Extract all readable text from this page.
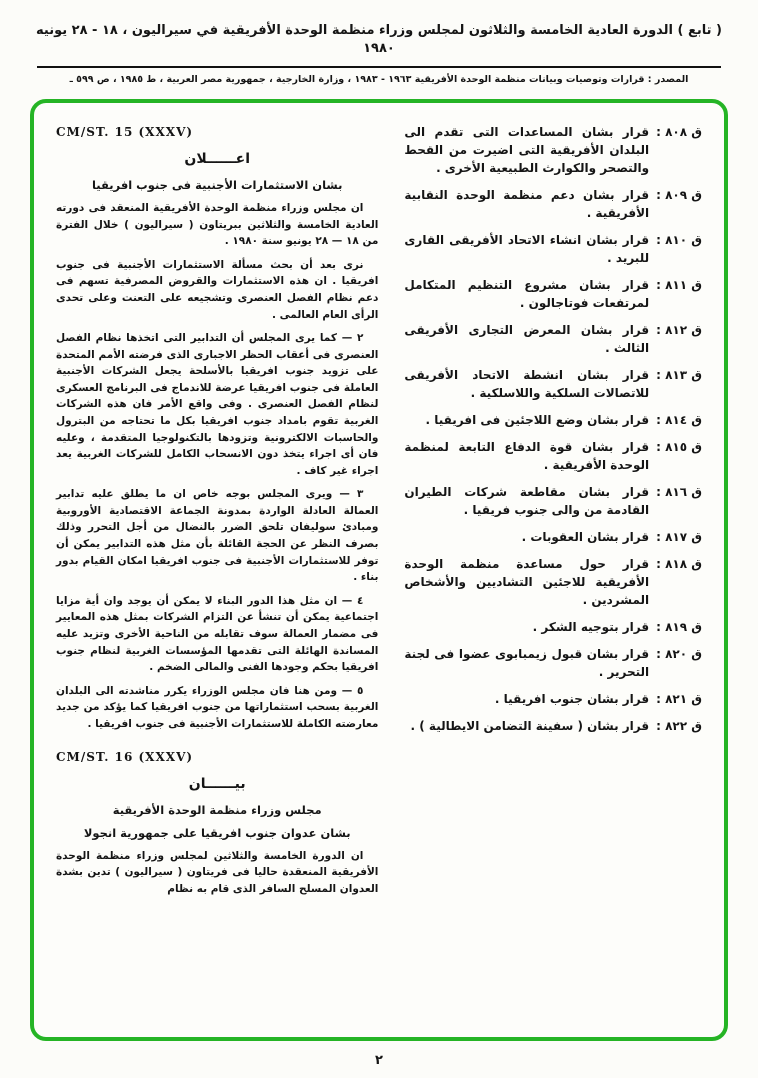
( تابع ) الدورة العادية الخامسة والثلاثون لمجلس وزراء منظمة الوحدة الأفريقية في سيراليون ، ١٨ - ٢٨ يونيه ١٩٨٠
المصدر : قرارات وتوصيات وبيانات منظمة الوحدة الأفريقية ١٩٦٣ - ١٩٨٣ ، وزارة الخارجية ، جمهورية مصر العربية ، ط ١٩٨٥ ، ص ٥٩٩ ـ
ق ٨٠٨ :
قرار بشان المساعدات التى تقدم الى البلدان الأفريقية التى اضيرت من القحط والتصحر والكوارث الطبيعية الأخرى .
ق ٨٠٩ :
قرار بشان دعم منظمة الوحدة النقابية الأفريقية .
ق ٨١٠ :
قرار بشان انشاء الاتحاد الأفريقى القارى للبريد .
ق ٨١١ :
قرار بشان مشروع التنظيم المتكامل لمرتفعات فوتاجالون .
ق ٨١٢ :
قرار بشان المعرض التجارى الأفريقى الثالث .
ق ٨١٣ :
قرار بشان انشطة الاتحاد الأفريقى للاتصالات السلكية واللاسلكية .
ق ٨١٤ :
قرار بشان وضع اللاجئين فى افريقيا .
ق ٨١٥ :
قرار بشان قوة الدفاع التابعة لمنظمة الوحدة الأفريقية .
ق ٨١٦ :
قرار بشان مقاطعة شركات الطيران القادمة من والى جنوب فريقيا .
ق ٨١٧ :
قرار بشان العقوبات .
ق ٨١٨ :
قرار حول مساعدة منظمة الوحدة الأفريقية للاجئين التشاديين والأشخاص المشردين .
ق ٨١٩ :
قرار بتوجيه الشكر .
ق ٨٢٠ :
قرار بشان قبول زيمبابوى عضوا فى لجنة التحرير .
ق ٨٢١ :
قرار بشان جنوب افريقيا .
ق ٨٢٢ :
قرار بشان ( سفينة التضامن الايطالية ) .
CM/ST. 15 (XXXV)
اعــــــلان
بشان الاستثمارات الأجنبية فى جنوب افريقيا

ان مجلس وزراء منظمة الوحدة الأفريقية المنعقد فى دورته العادية الخامسة والثلاثين ببريتاون ( سيراليون ) خلال الفترة من ١٨ — ٢٨ يونيو سنة ١٩٨٠ .

نرى بعد أن بحث مسألة الاستثمارات الأجنبية فى جنوب افريقيا . ان هذه الاستثمارات والقروض المصرفية تسهم فى دعم نظام الفصل العنصرى وتشجيعه على التعنت وعلى تحدى الرأى العام العالمى .

٢ — كما يرى المجلس أن التدابير التى اتخذها نظام الفصل العنصرى فى أعقاب الحظر الاجبارى الذى فرضته الأمم المتحدة على تزويد جنوب افريقيا بالأسلحة يجعل الشركات الأجنبية العاملة فى جنوب افريقيا عرضة للاندماج فى البرنامج العسكرى لنظام الفصل العنصرى . وفى واقع الأمر فان هذه الشركات الغربية تقوم بامداد جنوب افريقيا بكل ما تحتاجه من البترول والحاسبات الالكترونية وتزودها بالتكنولوجيا المتقدمة ، وعليه فان أى اجراء يتخذ دون الانسحاب الكامل للشركات الغربية يعد اجراء غير كاف .

٣ — ويرى المجلس بوجه خاص ان ما يطلق عليه تدابير العمالة العادلة الواردة بمدونة الجماعة الاقتصادية الأوروبية ومبادئ سوليفان تلحق الضرر بالنضال من أجل التحرر وذلك بصرف النظر عن الحجة القائلة بأن مثل هذه التدابير يمكن أن توفر للاستثمارات الأجنبية فى جنوب افريقيا امكان القيام بدور بناء .

٤ — ان مثل هذا الدور البناء لا يمكن أن يوجد وان أية مزايا اجتماعية يمكن أن تنشأ عن التزام الشركات بمثل هذه المعايير فى مضمار العمالة سوف تقابله من الناحية الأخرى وتزيد عليه المساندة الهائلة التى تقدمها المؤسسات الغربية لنظام جنوب افريقيا بحكم وجودها الفنى والمالى الضخم .

٥ — ومن هنا فان مجلس الوزراء يكرر مناشدته الى البلدان الغربية بسحب استثماراتها من جنوب افريقيا كما يؤكد من جديد معارضته الكاملة للاستثمارات الأجنبية فى جنوب افريقيا .

CM/ST. 16 (XXXV)
بيــــــان
مجلس وزراء منظمة الوحدة الأفريقية
بشان عدوان جنوب افريقيا على جمهورية انجولا

ان الدورة الخامسة والثلاثين لمجلس وزراء منظمة الوحدة الأفريقية المنعقدة حاليا فى فريتاون ( سيراليون ) تدين بشدة العدوان المسلح السافر الذى قام به نظام

٢
